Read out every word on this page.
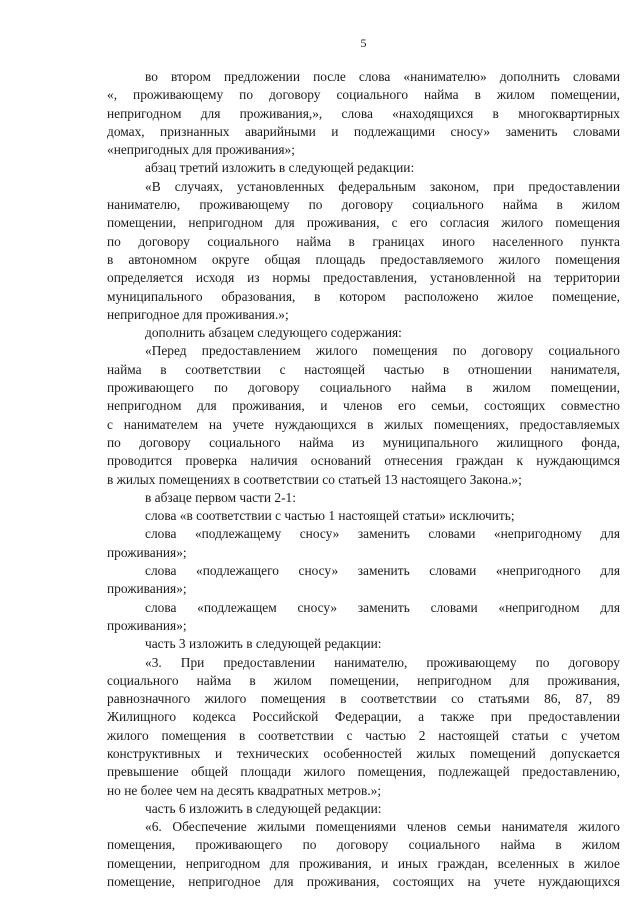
5
во втором предложении после слова «нанимателю» дополнить словами
«, проживающему по договору социального найма в жилом помещении,
непригодном для проживания,», слова «находящихся в многоквартирных
домах, признанных аварийными и подлежащими сносу» заменить словами
«непригодных для проживания»;
абзац третий изложить в следующей редакции:
«В случаях, установленных федеральным законом, при предоставлении
нанимателю, проживающему по договору социального найма в жилом
помещении, непригодном для проживания, с его согласия жилого помещения
по договору социального найма в границах иного населенного пункта
в автономном округе общая площадь предоставляемого жилого помещения
определяется исходя из нормы предоставления, установленной на территории
муниципального образования, в котором расположено жилое помещение,
непригодное для проживания.»;
дополнить абзацем следующего содержания:
«Перед предоставлением жилого помещения по договору социального
найма в соответствии с настоящей частью в отношении нанимателя,
проживающего по договору социального найма в жилом помещении,
непригодном для проживания, и членов его семьи, состоящих совместно
с нанимателем на учете нуждающихся в жилых помещениях, предоставляемых
по договору социального найма из муниципального жилищного фонда,
проводится проверка наличия оснований отнесения граждан к нуждающимся
в жилых помещениях в соответствии со статьей 13 настоящего Закона.»;
в абзаце первом части 2-1:
слова «в соответствии с частью 1 настоящей статьи» исключить;
слова «подлежащему сносу» заменить словами «непригодному для
проживания»;
слова «подлежащего сносу» заменить словами «непригодного для
проживания»;
слова «подлежащем сносу» заменить словами «непригодном для
проживания»;
часть 3 изложить в следующей редакции:
«3. При предоставлении нанимателю, проживающему по договору
социального найма в жилом помещении, непригодном для проживания,
равнозначного жилого помещения в соответствии со статьями 86, 87, 89
Жилищного кодекса Российской Федерации, а также при предоставлении
жилого помещения в соответствии с частью 2 настоящей статьи с учетом
конструктивных и технических особенностей жилых помещений допускается
превышение общей площади жилого помещения, подлежащей предоставлению,
но не более чем на десять квадратных метров.»;
часть 6 изложить в следующей редакции:
«6. Обеспечение жилыми помещениями членов семьи нанимателя жилого
помещения, проживающего по договору социального найма в жилом
помещении, непригодном для проживания, и иных граждан, вселенных в жилое
помещение, непригодное для проживания, состоящих на учете нуждающихся
